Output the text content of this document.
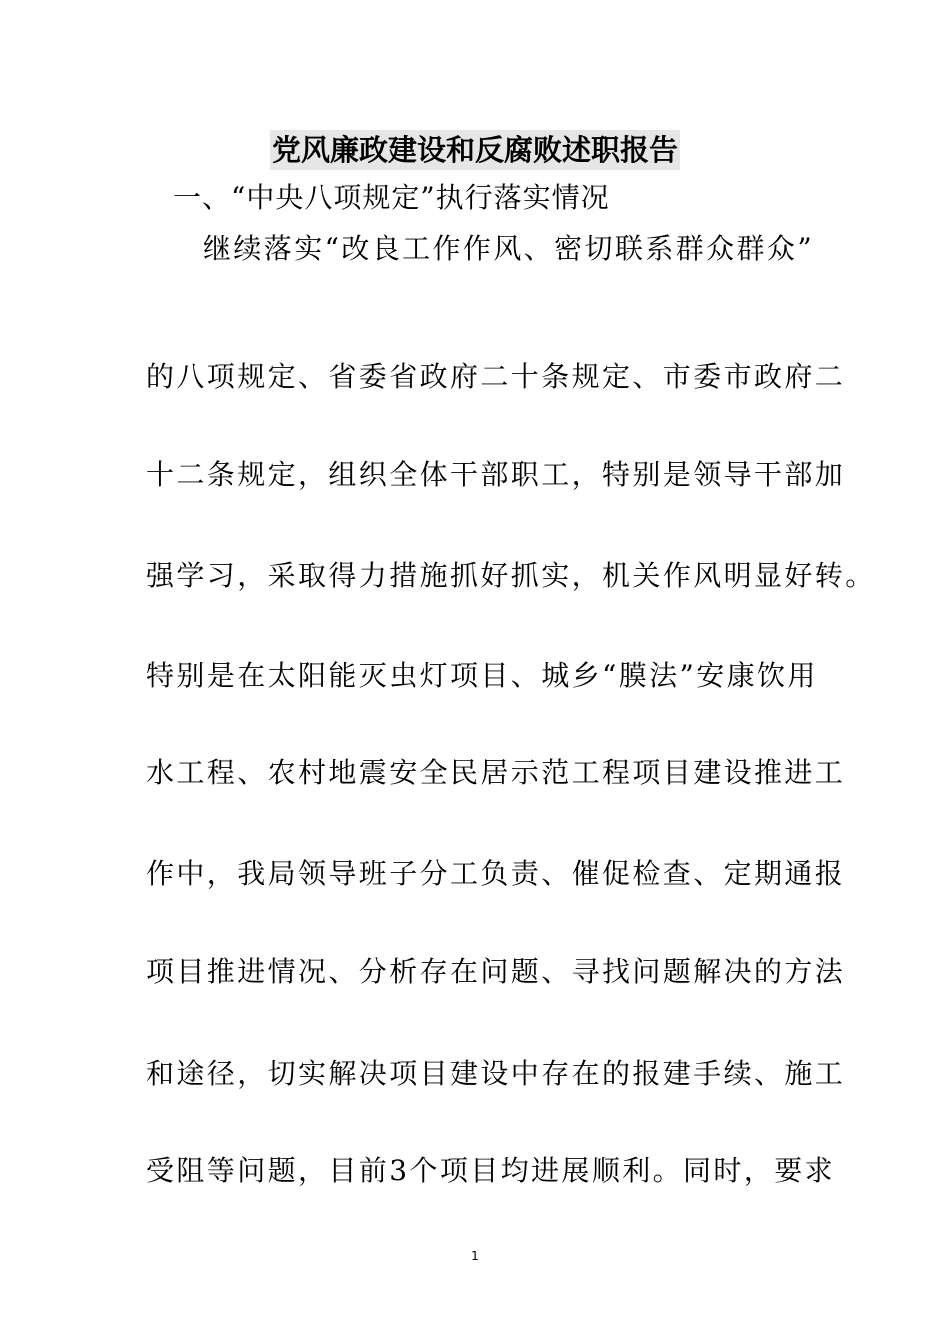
党风廉政建设和反腐败述职报告
一、“中央八项规定”执行落实情况
继续落实“改良工作作风、密切联系群众群众”
的八项规定、省委省政府二十条规定、市委市政府二
十二条规定，组织全体干部职工，特别是领导干部加
强学习，采取得力措施抓好抓实，机关作风明显好转。
特别是在太阳能灭虫灯项目、城乡“膜法”安康饮用
水工程、农村地震安全民居示范工程项目建设推进工
作中，我局领导班子分工负责、催促检查、定期通报
项目推进情况、分析存在问题、寻找问题解决的方法
和途径，切实解决项目建设中存在的报建手续、施工
受阻等问题，目前3个项目均进展顺利。同时，要求
1
